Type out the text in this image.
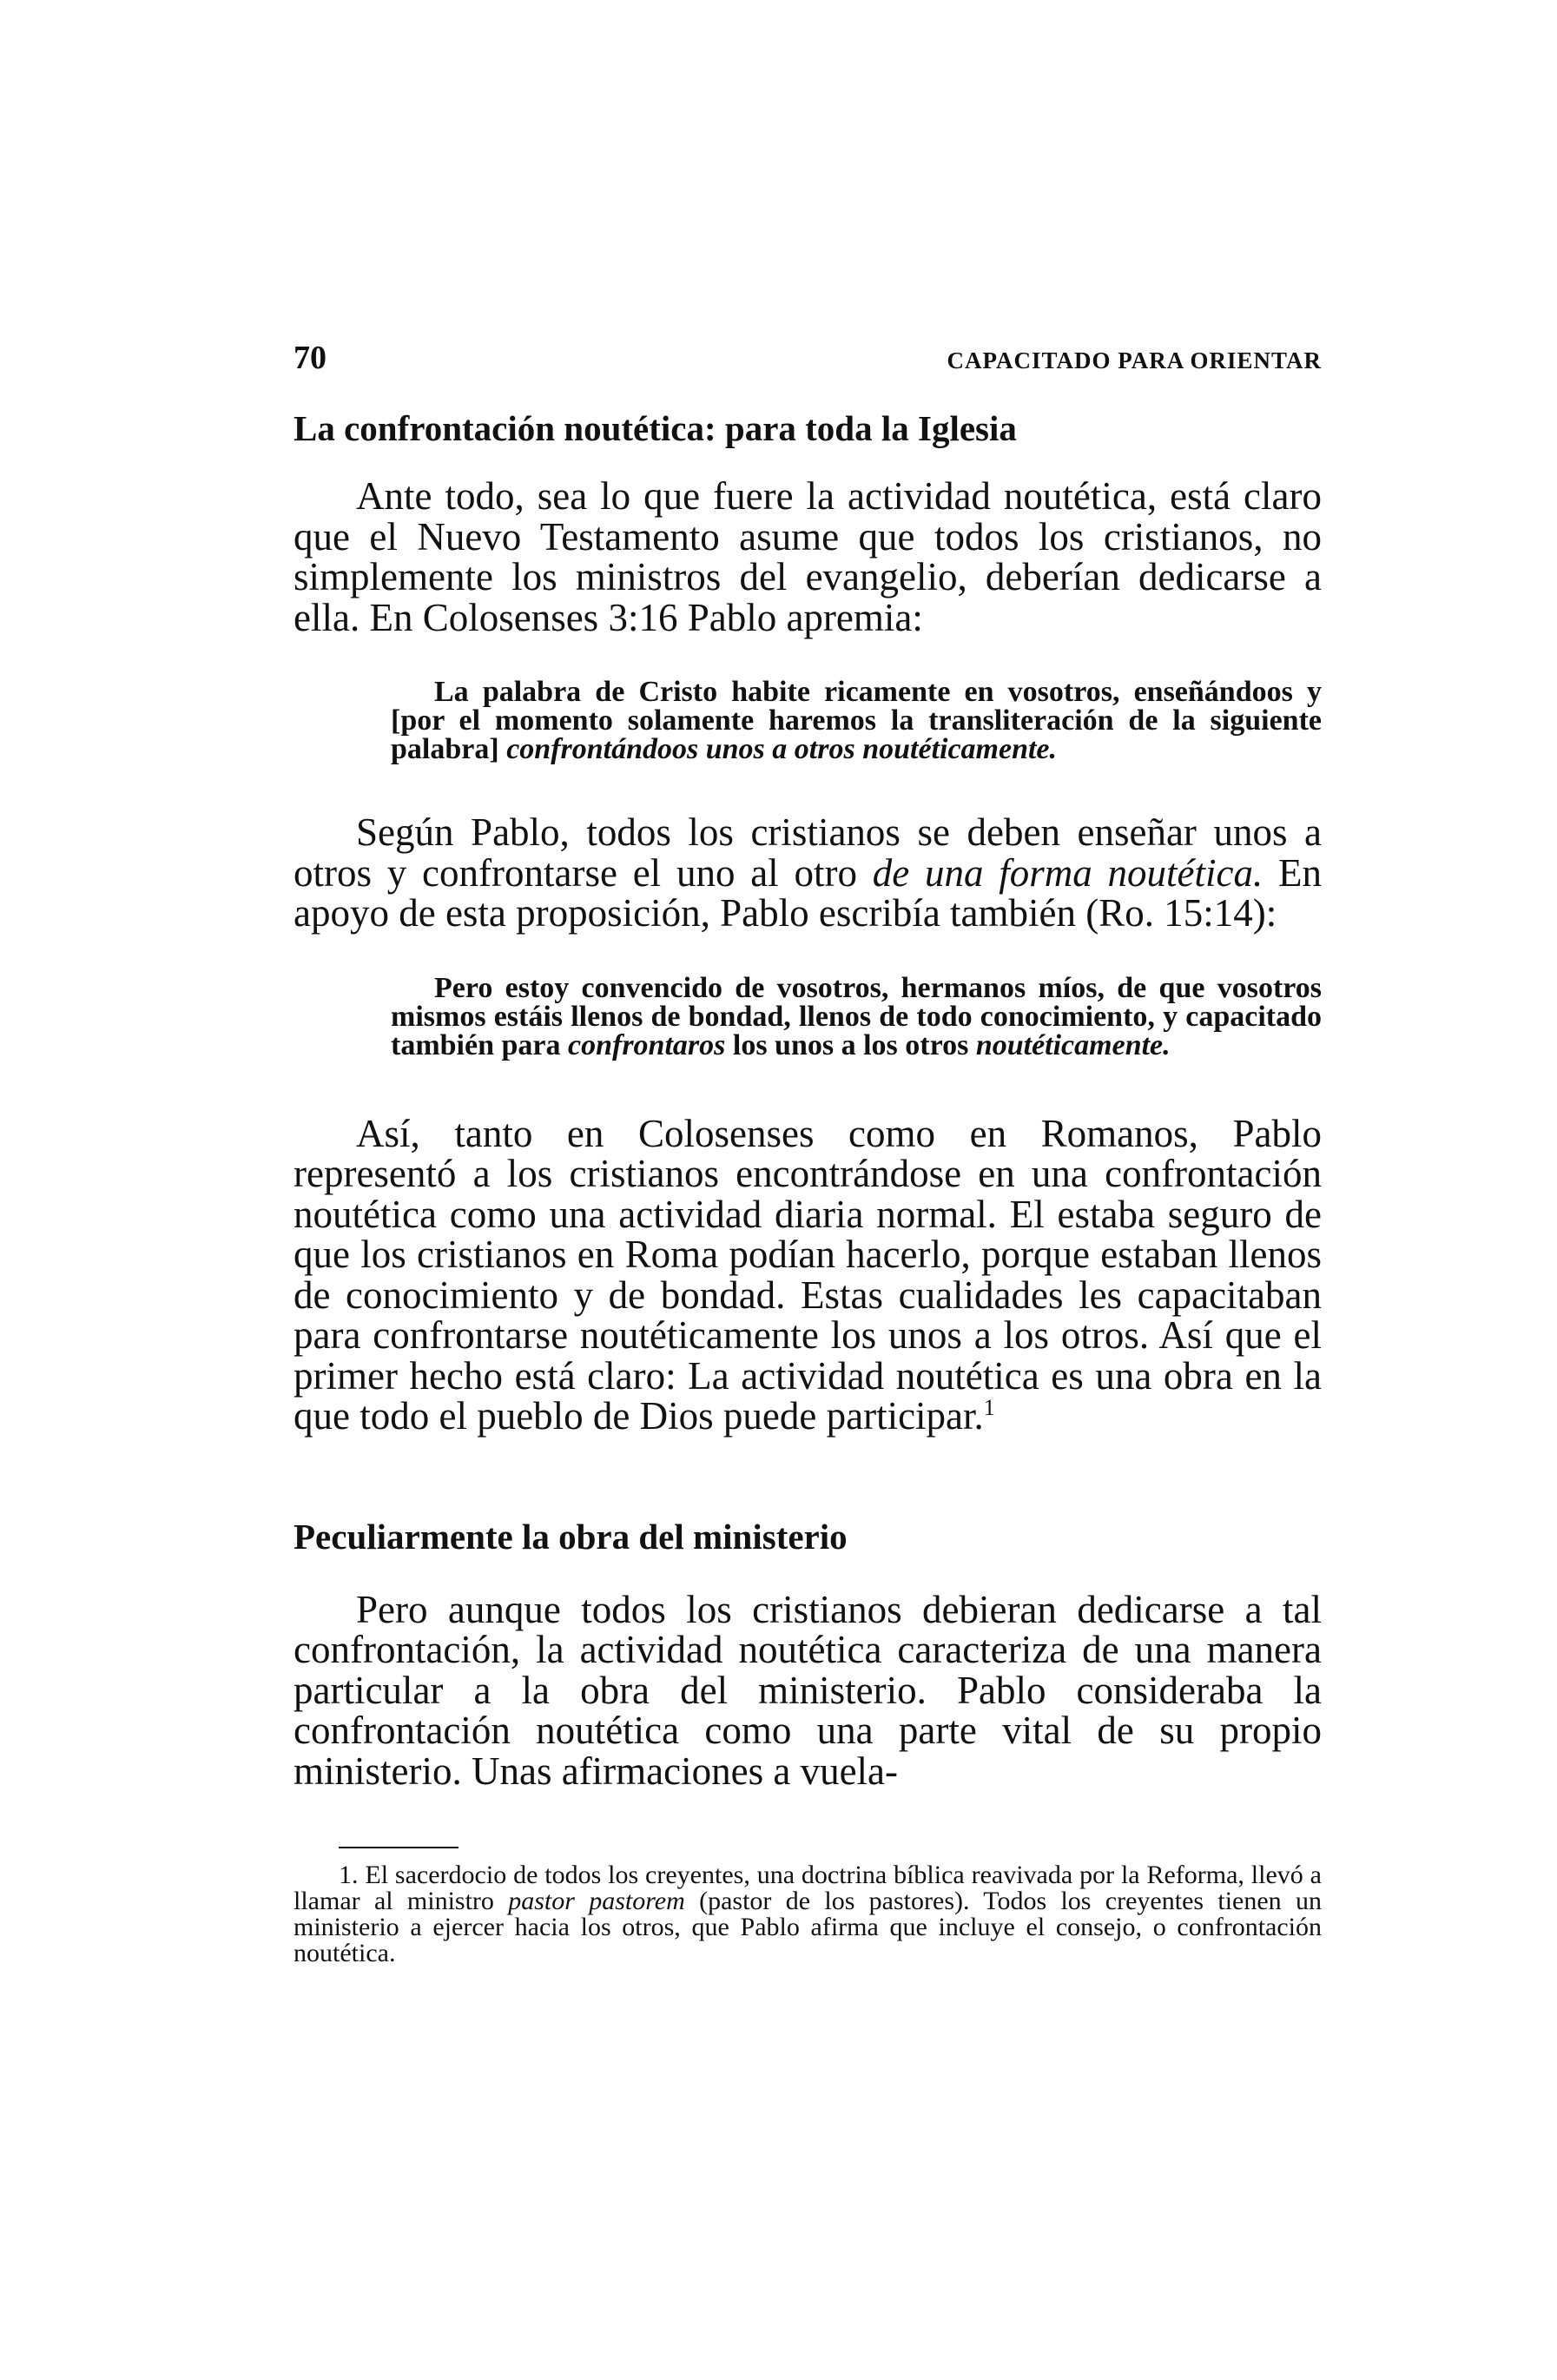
70	CAPACITADO PARA ORIENTAR
La confrontación noutética: para toda la Iglesia

Ante todo, sea lo que fuere la actividad noutética, está claro que el Nuevo Testamento asume que todos los cristianos, no simplemente los ministros del evangelio, deberían dedicarse a ella. En Colosenses 3:16 Pablo apremia:

La palabra de Cristo habite ricamente en vosotros, enseñándoos y [por el momento solamente haremos la transliteración de la siguiente palabra] confrontándoos unos a otros noutéticamente.

Según Pablo, todos los cristianos se deben enseñar unos a otros y confrontarse el uno al otro de una forma noutética. En apoyo de esta proposición, Pablo escribía también (Ro. 15:14):

Pero estoy convencido de vosotros, hermanos míos, de que vosotros mismos estáis llenos de bondad, llenos de todo conocimiento, y capacitado también para confrontaros los unos a los otros noutéticamente.

Así, tanto en Colosenses como en Romanos, Pablo representó a los cristianos encontrándose en una confrontación noutética como una actividad diaria normal. El estaba seguro de que los cristianos en Roma podían hacerlo, porque estaban llenos de conocimiento y de bondad. Estas cualidades les capacitaban para confrontarse noutéticamente los unos a los otros. Así que el primer hecho está claro: La actividad noutética es una obra en la que todo el pueblo de Dios puede participar.$^1$

Peculiarmente la obra del ministerio

Pero aunque todos los cristianos debieran dedicarse a tal confrontación, la actividad noutética caracteriza de una manera particular a la obra del ministerio. Pablo consideraba la confrontación noutética como una parte vital de su propio ministerio. Unas afirmaciones a vuela-

1. El sacerdocio de todos los creyentes, una doctrina bíblica reavivada por la Reforma, llevó a llamar al ministro pastor pastorem (pastor de los pastores). Todos los creyentes tienen un ministerio a ejercer hacia los otros, que Pablo afirma que incluye el consejo, o confrontación noutética.
